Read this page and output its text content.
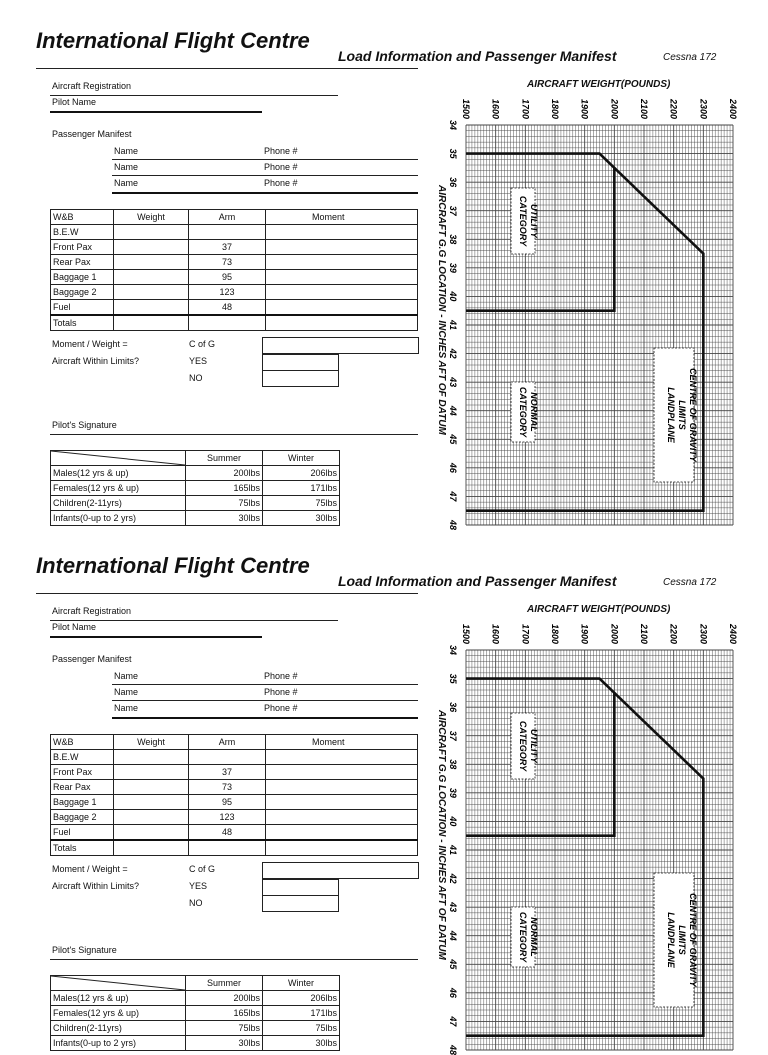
International Flight Centre
Load Information and Passenger Manifest	Cessna 172
Aircraft Registration
Pilot Name
Passenger Manifest
Name	Phone #
Name	Phone #
Name	Phone #
W&B	Weight	Arm	Moment
B.E.W			
Front Pax		37	
Rear Pax		73	
Baggage 1		95	
Baggage 2		123	
Fuel		48	
Totals			
Moment / Weight =	C of G
Aircraft Within Limits?	YES
NO
Pilot's Signature
	Summer	Winter
Males(12 yrs & up)	200lbs	206lbs
Females(12 yrs & up)	165lbs	171lbs
Children(2-11yrs)	75lbs	75lbs
Infants(0-up to 2 yrs)	30lbs	30lbs
AIRCRAFT WEIGHT(POUNDS)
AIRCRAFT G.G LOCATION - INCHES AFT OF DATUM
1500 1600 1700 1800 1900 2000 2100 2200 2300 2400
34
35
36
37
38
39
40
41
42
43
44
45
46
47
48
UTILITY
CATEGORY
NORMAL
CATEGORY	CENTRE OF GRAVITY
LIMITS
LANDPLANE
International Flight Centre
Load Information and Passenger Manifest	Cessna 172
Aircraft Registration
Pilot Name
Passenger Manifest
Name	Phone #
Name	Phone #
Name	Phone #
W&B	Weight	Arm	Moment
B.E.W			
Front Pax		37	
Rear Pax		73	
Baggage 1		95	
Baggage 2		123	
Fuel		48	
Totals			
Moment / Weight =	C of G
Aircraft Within Limits?	YES
NO
Pilot's Signature
	Summer	Winter
Males(12 yrs & up)	200lbs	206lbs
Females(12 yrs & up)	165lbs	171lbs
Children(2-11yrs)	75lbs	75lbs
Infants(0-up to 2 yrs)	30lbs	30lbs
AIRCRAFT WEIGHT(POUNDS)
AIRCRAFT G.G LOCATION - INCHES AFT OF DATUM
1500 1600 1700 1800 1900 2000 2100 2200 2300 2400
34
35
36
37
38
39
40
41
42
43
44
45
46
47
48
UTILITY
CATEGORY
NORMAL
CATEGORY	CENTRE OF GRAVITY
LIMITS
LANDPLANE
